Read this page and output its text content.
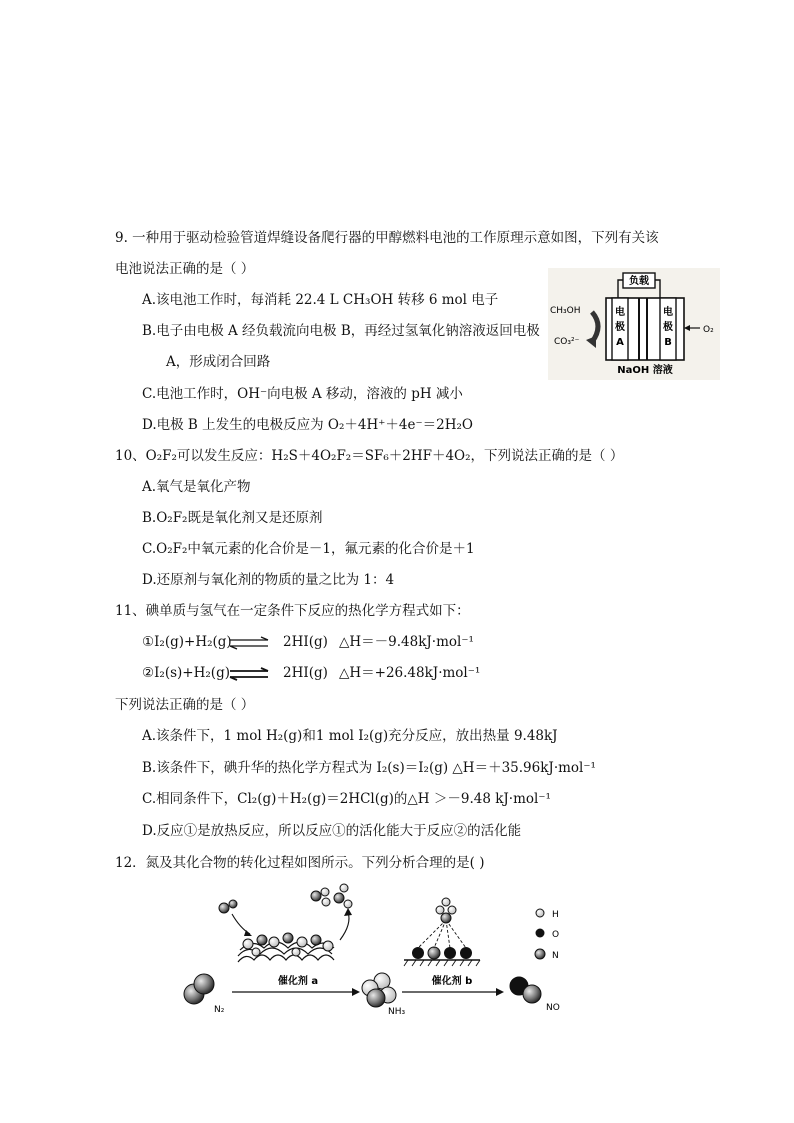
9. 一种用于驱动检验管道焊缝设备爬行器的甲醇燃料电池的工作原理示意如图，下列有关该
电池说法正确的是（ ）
A.该电池工作时，每消耗 22.4 L CH₃OH 转移 6 mol 电子
B.电子由电极 A 经负载流向电极 B，再经过氢氧化钠溶液返回电极
A，形成闭合回路
C.电池工作时，OH⁻向电极 A 移动，溶液的 pH 减小
D.电极 B 上发生的电极反应为 O₂＋4H⁺＋4e⁻＝2H₂O
负载
电
极
A
电
极
B
CH₃OH
CO₃²⁻
O₂
NaOH 溶液
10、O₂F₂可以发生反应：H₂S＋4O₂F₂＝SF₆＋2HF＋4O₂，下列说法正确的是（ ）
A.氧气是氧化产物
B.O₂F₂既是氧化剂又是还原剂
C.O₂F₂中氧元素的化合价是－1，氟元素的化合价是＋1
D.还原剂与氧化剂的物质的量之比为 1：4
11、碘单质与氢气在一定条件下反应的热化学方程式如下：
①I₂(g)+H₂(g) ⇌ 2HI(g) △H＝－9.48kJ·mol⁻¹
②I₂(s)+H₂(g) ⇌ 2HI(g) △H＝+26.48kJ·mol⁻¹
下列说法正确的是（ ）
A.该条件下，1 mol H₂(g)和1 mol I₂(g)充分反应，放出热量 9.48kJ
B.该条件下，碘升华的热化学方程式为 I₂(s)＝I₂(g) △H＝＋35.96kJ·mol⁻¹
C.相同条件下，Cl₂(g)＋H₂(g)＝2HCl(g)的△H ＞－9.48 kJ·mol⁻¹
D.反应①是放热反应，所以反应①的活化能大于反应②的活化能
12．氮及其化合物的转化过程如图所示。下列分析合理的是( )
N₂
催化剂 a
NH₃
催化剂 b
NO
H
O
N
